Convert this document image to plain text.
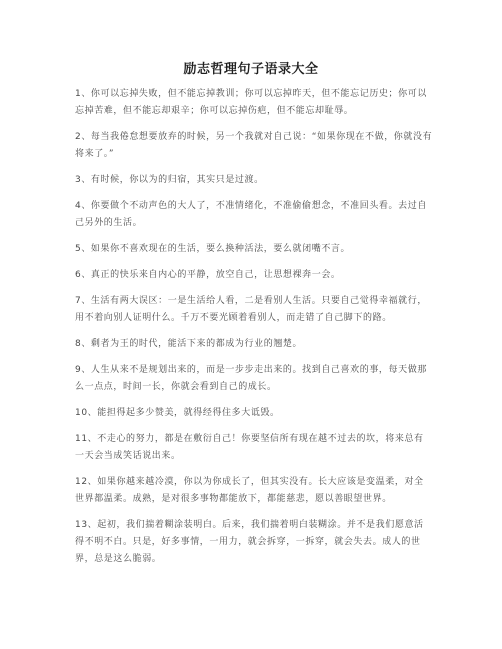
励志哲理句子语录大全

1、你可以忘掉失败，但不能忘掉教训；你可以忘掉昨天，但不能忘记历史；你可以忘掉苦难，但不能忘却艰辛；你可以忘掉伤疤，但不能忘却耻辱。

2、每当我倦怠想要放弃的时候，另一个我就对自己说：“如果你现在不做，你就没有将来了。”

3、有时候，你以为的归宿，其实只是过渡。

4、你要做个不动声色的大人了，不准情绪化，不准偷偷想念，不准回头看。去过自己另外的生活。

5、如果你不喜欢现在的生活，要么换种活法，要么就闭嘴不言。

6、真正的快乐来自内心的平静，放空自己，让思想裸奔一会。

7、生活有两大误区：一是生活给人看，二是看别人生活。只要自己觉得幸福就行，用不着向别人证明什么。千万不要光顾着看别人，而走错了自己脚下的路。

8、剩者为王的时代，能活下来的都成为行业的翘楚。

9、人生从来不是规划出来的，而是一步步走出来的。找到自己喜欢的事，每天做那么一点点，时间一长，你就会看到自己的成长。

10、能担得起多少赞美，就得经得住多大诋毁。

11、不走心的努力，都是在敷衍自己！你要坚信所有现在越不过去的坎，将来总有一天会当成笑话说出来。

12、如果你越来越冷漠，你以为你成长了，但其实没有。长大应该是变温柔，对全世界都温柔。成熟，是对很多事物都能放下，都能慈悲，愿以善眼望世界。

13、起初，我们揣着糊涂装明白。后来，我们揣着明白装糊涂。并不是我们愿意活得不明不白。只是，好多事情，一用力，就会拆穿，一拆穿，就会失去。成人的世界，总是这么脆弱。
